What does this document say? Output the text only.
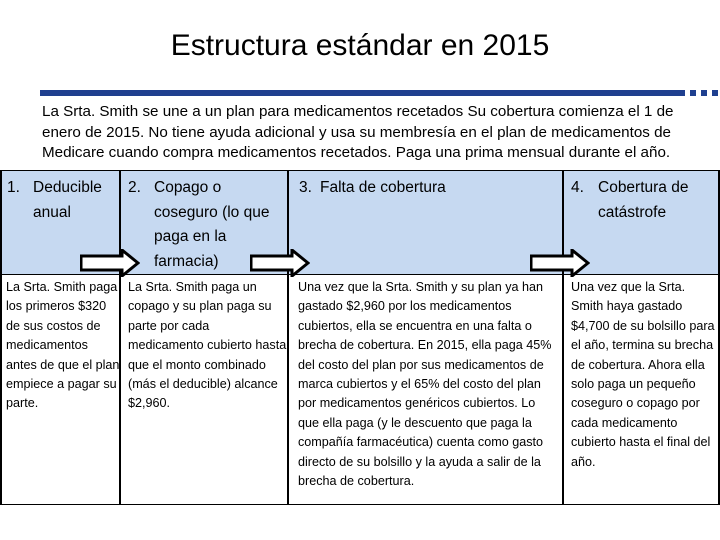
Estructura estándar en 2015
La Srta. Smith se une a un plan para medicamentos recetados Su cobertura comienza el 1 de enero de 2015. No tiene ayuda adicional y usa su membresía en el plan de medicamentos de Medicare cuando compra medicamentos recetados. Paga una prima mensual durante el año.
1. Deducible anual
La Srta. Smith paga los primeros $320 de sus costos de medicamentos antes de que el plan empiece a pagar su parte.
2. Copago o coseguro (lo que paga en la farmacia)
La Srta. Smith paga un copago y su plan paga su parte por cada medicamento cubierto hasta que el monto combinado (más el deducible) alcance $2,960.
3. Falta de cobertura
Una vez que la Srta. Smith y su plan ya han gastado $2,960 por los medicamentos cubiertos, ella se encuentra en una falta o brecha de cobertura. En 2015, ella paga 45% del costo del plan por sus medicamentos de marca cubiertos y el 65% del costo del plan por medicamentos genéricos cubiertos. Lo que ella paga (y le descuento que paga la compañía farmacéutica) cuenta como gasto directo de su bolsillo y la ayuda a salir de la brecha de cobertura.
4. Cobertura de catástrofe
Una vez que la Srta. Smith haya gastado $4,700 de su bolsillo para el año, termina su brecha de cobertura. Ahora ella solo paga un pequeño coseguro o copago por cada medicamento cubierto hasta el final del año.
